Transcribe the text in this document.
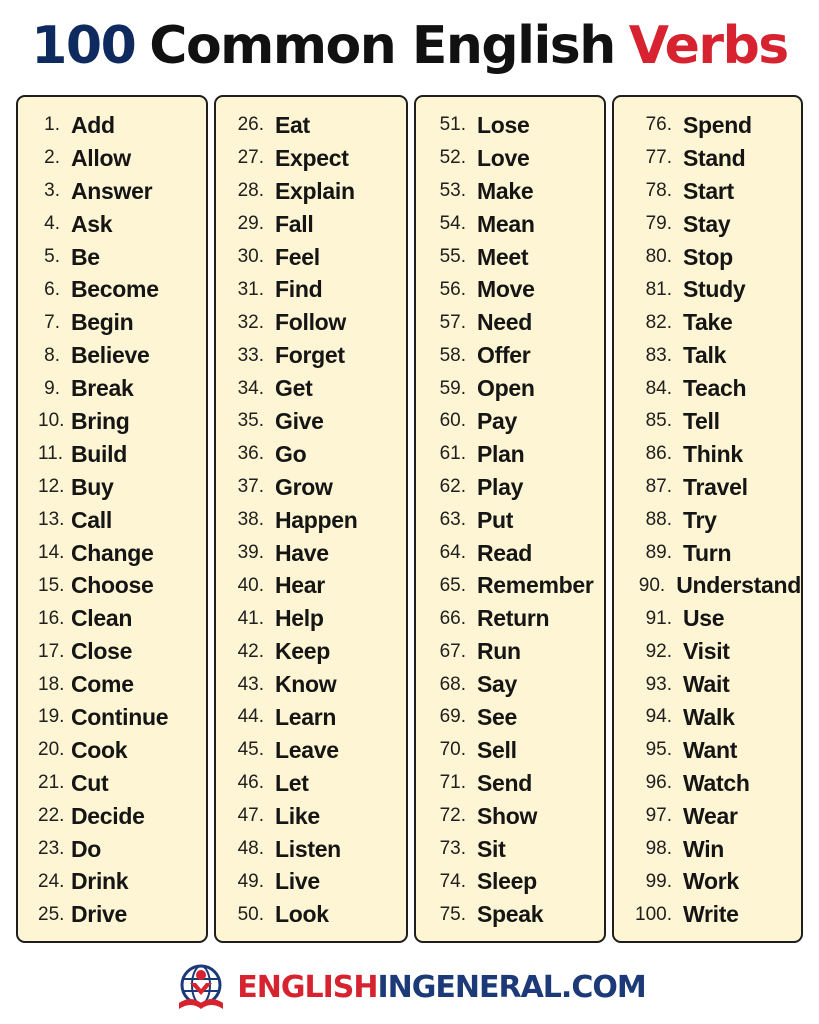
100 Common English Verbs
1. Add
2. Allow
3. Answer
4. Ask
5. Be
6. Become
7. Begin
8. Believe
9. Break
10. Bring
11. Build
12. Buy
13. Call
14. Change
15. Choose
16. Clean
17. Close
18. Come
19. Continue
20. Cook
21. Cut
22. Decide
23. Do
24. Drink
25. Drive
26. Eat
27. Expect
28. Explain
29. Fall
30. Feel
31. Find
32. Follow
33. Forget
34. Get
35. Give
36. Go
37. Grow
38. Happen
39. Have
40. Hear
41. Help
42. Keep
43. Know
44. Learn
45. Leave
46. Let
47. Like
48. Listen
49. Live
50. Look
51. Lose
52. Love
53. Make
54. Mean
55. Meet
56. Move
57. Need
58. Offer
59. Open
60. Pay
61. Plan
62. Play
63. Put
64. Read
65. Remember
66. Return
67. Run
68. Say
69. See
70. Sell
71. Send
72. Show
73. Sit
74. Sleep
75. Speak
76. Spend
77. Stand
78. Start
79. Stay
80. Stop
81. Study
82. Take
83. Talk
84. Teach
85. Tell
86. Think
87. Travel
88. Try
89. Turn
90. Understand
91. Use
92. Visit
93. Wait
94. Walk
95. Want
96. Watch
97. Wear
98. Win
99. Work
100. Write
ENGLISHINGENERAL.COM
